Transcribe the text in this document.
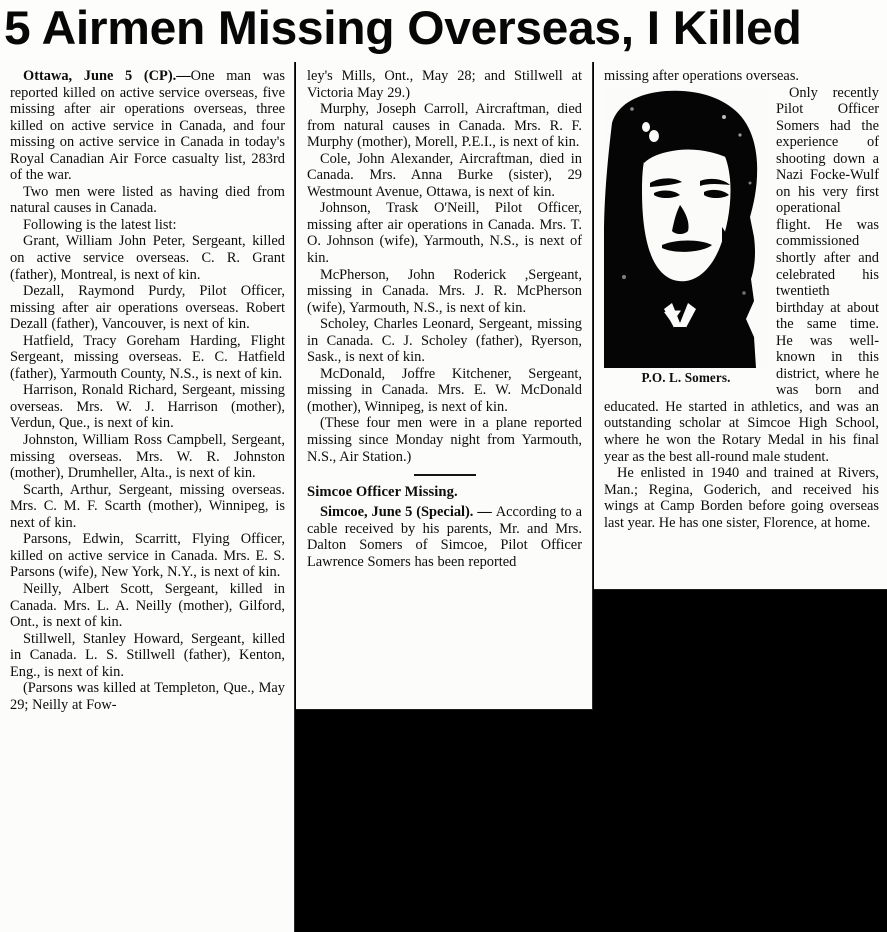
5 Airmen Missing Overseas, I Killed

Ottawa, June 5 (CP).—One man was reported killed on active service overseas, five missing after air operations overseas, three killed on active service in Canada, and four missing on active service in Canada in today's Royal Canadian Air Force casualty list, 283rd of the war.

Two men were listed as having died from natural causes in Canada.

Following is the latest list:

Grant, William John Peter, Sergeant, killed on active service overseas. C. R. Grant (father), Montreal, is next of kin.

Dezall, Raymond Purdy, Pilot Officer, missing after air operations overseas. Robert Dezall (father), Vancouver, is next of kin.

Hatfield, Tracy Goreham Harding, Flight Sergeant, missing overseas. E. C. Hatfield (father), Yarmouth County, N.S., is next of kin.

Harrison, Ronald Richard, Sergeant, missing overseas. Mrs. W. J. Harrison (mother), Verdun, Que., is next of kin.

Johnston, William Ross Campbell, Sergeant, missing overseas. Mrs. W. R. Johnston (mother), Drumheller, Alta., is next of kin.

Scarth, Arthur, Sergeant, missing overseas. Mrs. C. M. F. Scarth (mother), Winnipeg, is next of kin.

Parsons, Edwin, Scarritt, Flying Officer, killed on active service in Canada. Mrs. E. S. Parsons (wife), New York, N.Y., is next of kin.

Neilly, Albert Scott, Sergeant, killed in Canada. Mrs. L. A. Neilly (mother), Gilford, Ont., is next of kin.

Stillwell, Stanley Howard, Sergeant, killed in Canada. L. S. Stillwell (father), Kenton, Eng., is next of kin.

(Parsons was killed at Templeton, Que., May 29; Neilly at Fow-

ley's Mills, Ont., May 28; and Stillwell at Victoria May 29.)

Murphy, Joseph Carroll, Aircraftman, died from natural causes in Canada. Mrs. R. F. Murphy (mother), Morell, P.E.I., is next of kin.

Cole, John Alexander, Aircraftman, died in Canada. Mrs. Anna Burke (sister), 29 Westmount Avenue, Ottawa, is next of kin.

Johnson, Trask O'Neill, Pilot Officer, missing after air operations in Canada. Mrs. T. O. Johnson (wife), Yarmouth, N.S., is next of kin.

McPherson, John Roderick ,Sergeant, missing in Canada. Mrs. J. R. McPherson (wife), Yarmouth, N.S., is next of kin.

Scholey, Charles Leonard, Sergeant, missing in Canada. C. J. Scholey (father), Ryerson, Sask., is next of kin.

McDonald, Joffre Kitchener, Sergeant, missing in Canada. Mrs. E. W. McDonald (mother), Winnipeg, is next of kin.

(These four men were in a plane reported missing since Monday night from Yarmouth, N.S., Air Station.)

Simcoe Officer Missing.

Simcoe, June 5 (Special). — According to a cable received by his parents, Mr. and Mrs. Dalton Somers of Simcoe, Pilot Officer Lawrence Somers has been reported

missing after operations overseas.

P.O. L. Somers.

Only recently Pilot Officer Somers had the experience of shooting down a Nazi Focke-Wulf on his very first operational flight. He was commissioned shortly after and celebrated his twentieth birthday at about the same time. He was well-known in this district, where he was born and educated. He started in athletics, and was an outstanding scholar at Simcoe High School, where he won the Rotary Medal in his final year as the best all-round male student.

He enlisted in 1940 and trained at Rivers, Man.; Regina, Goderich, and received his wings at Camp Borden before going overseas last year. He has one sister, Florence, at home.
